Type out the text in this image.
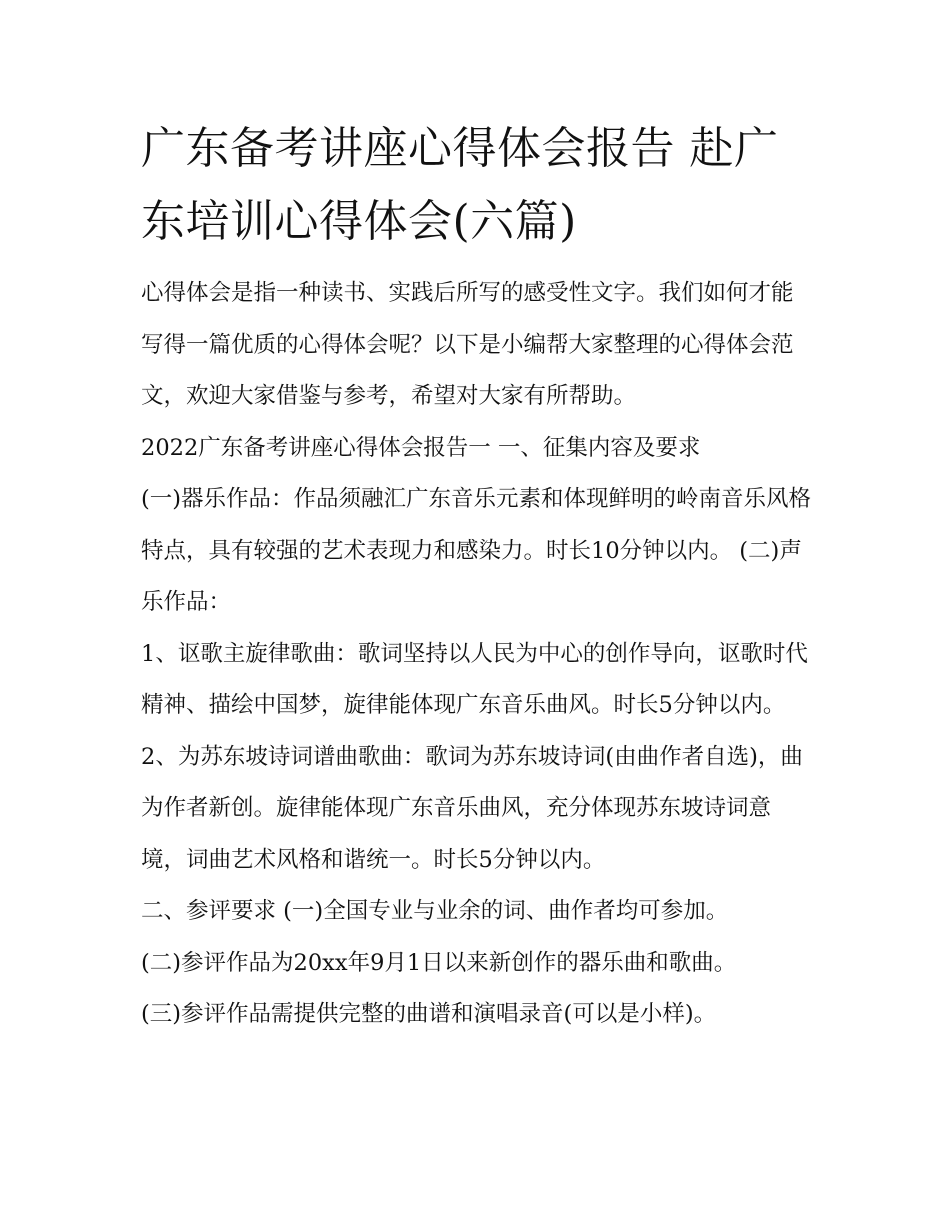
广东备考讲座心得体会报告 赴广东培训心得体会(六篇)

心得体会是指一种读书、实践后所写的感受性文字。我们如何才能写得一篇优质的心得体会呢？以下是小编帮大家整理的心得体会范文，欢迎大家借鉴与参考，希望对大家有所帮助。

2022广东备考讲座心得体会报告一 一、征集内容及要求

(一)器乐作品：作品须融汇广东音乐元素和体现鲜明的岭南音乐风格特点，具有较强的艺术表现力和感染力。时长10分钟以内。 (二)声乐作品：

1、讴歌主旋律歌曲：歌词坚持以人民为中心的创作导向，讴歌时代精神、描绘中国梦，旋律能体现广东音乐曲风。时长5分钟以内。

2、为苏东坡诗词谱曲歌曲：歌词为苏东坡诗词(由曲作者自选)，曲为作者新创。旋律能体现广东音乐曲风，充分体现苏东坡诗词意境，词曲艺术风格和谐统一。时长5分钟以内。

二、参评要求 (一)全国专业与业余的词、曲作者均可参加。

(二)参评作品为20xx年9月1日以来新创作的器乐曲和歌曲。

(三)参评作品需提供完整的曲谱和演唱录音(可以是小样)。
